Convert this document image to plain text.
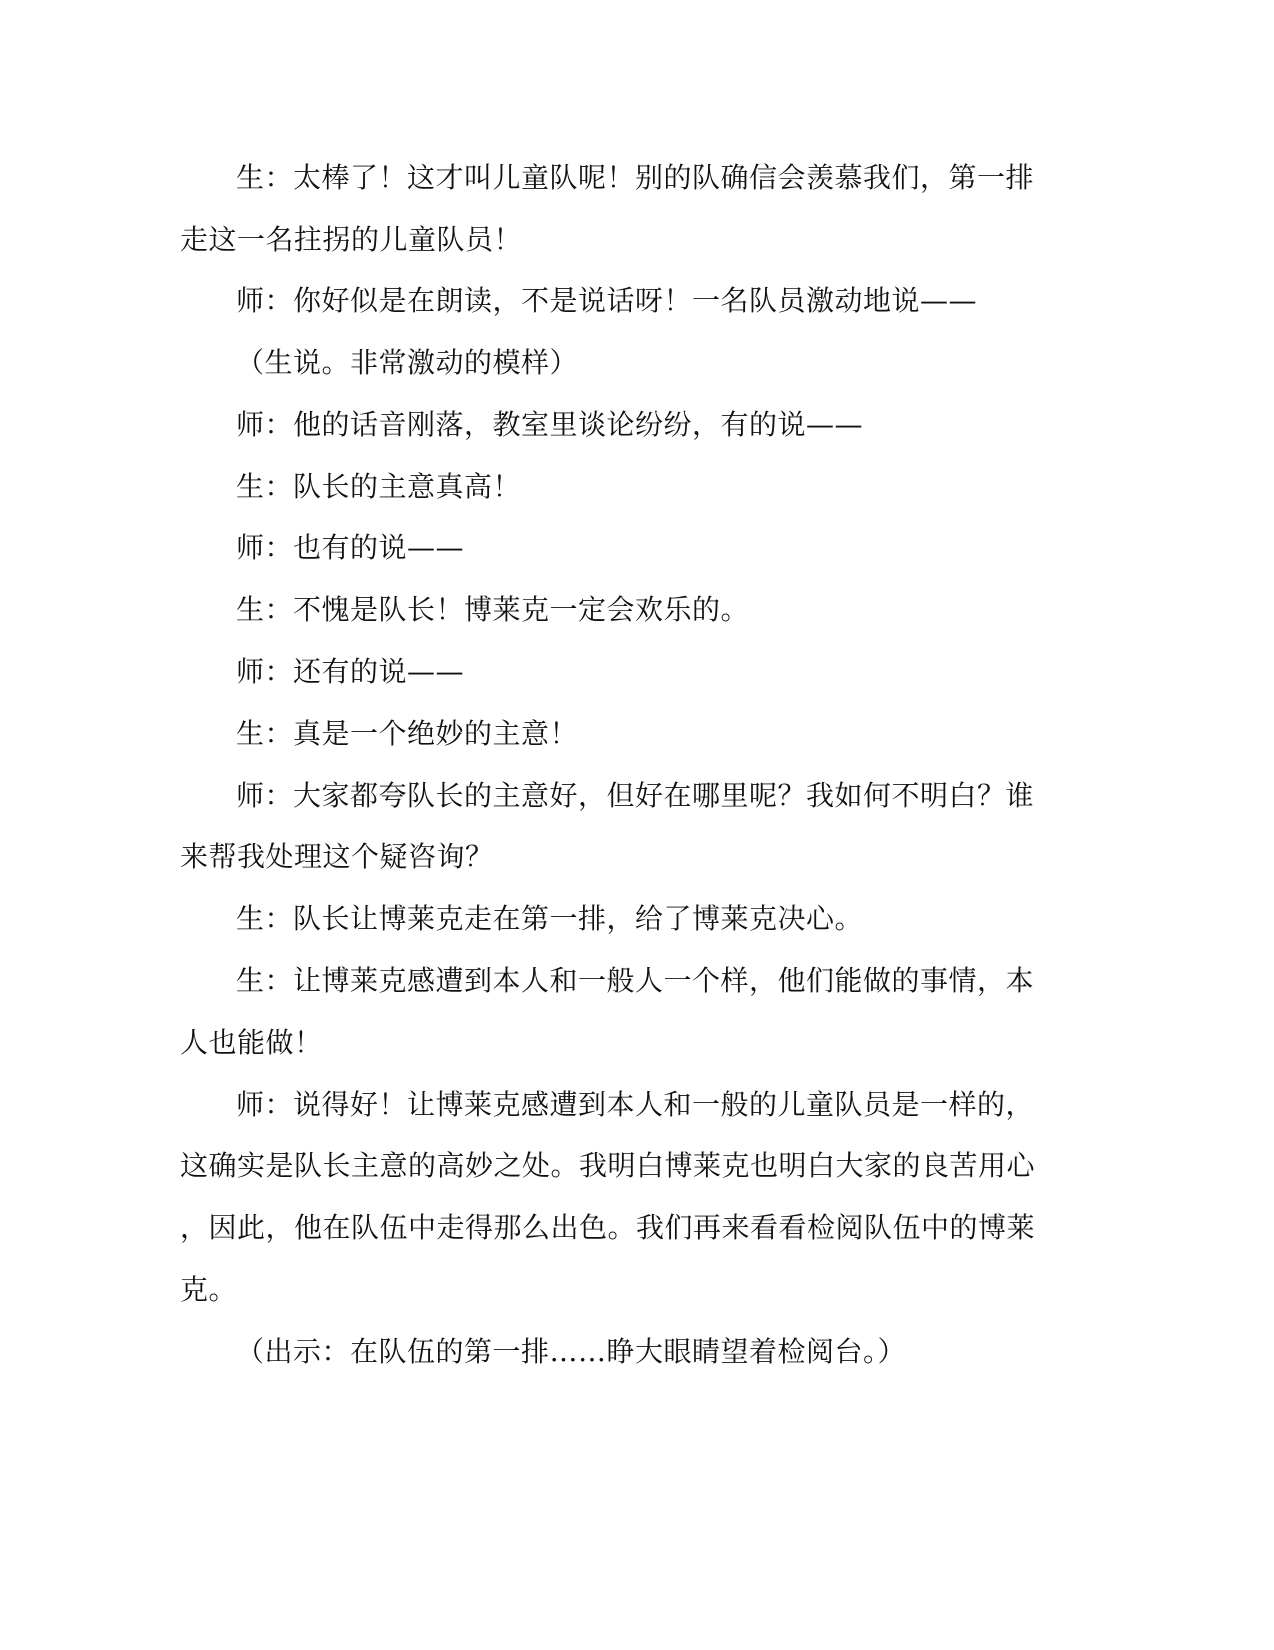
生：太棒了！这才叫儿童队呢！别的队确信会羡慕我们，第一排
走这一名拄拐的儿童队员！
师：你好似是在朗读，不是说话呀！一名队员激动地说——
（生说。非常激动的模样）
师：他的话音刚落，教室里谈论纷纷，有的说——
生：队长的主意真高！
师：也有的说——
生：不愧是队长！博莱克一定会欢乐的。
师：还有的说——
生：真是一个绝妙的主意！
师：大家都夸队长的主意好，但好在哪里呢？我如何不明白？谁
来帮我处理这个疑咨询？
生：队长让博莱克走在第一排，给了博莱克决心。
生：让博莱克感遭到本人和一般人一个样，他们能做的事情，本
人也能做！
师：说得好！让博莱克感遭到本人和一般的儿童队员是一样的，
这确实是队长主意的高妙之处。我明白博莱克也明白大家的良苦用心
，因此，他在队伍中走得那么出色。我们再来看看检阅队伍中的博莱
克。
（出示：在队伍的第一排……睁大眼睛望着检阅台。）
